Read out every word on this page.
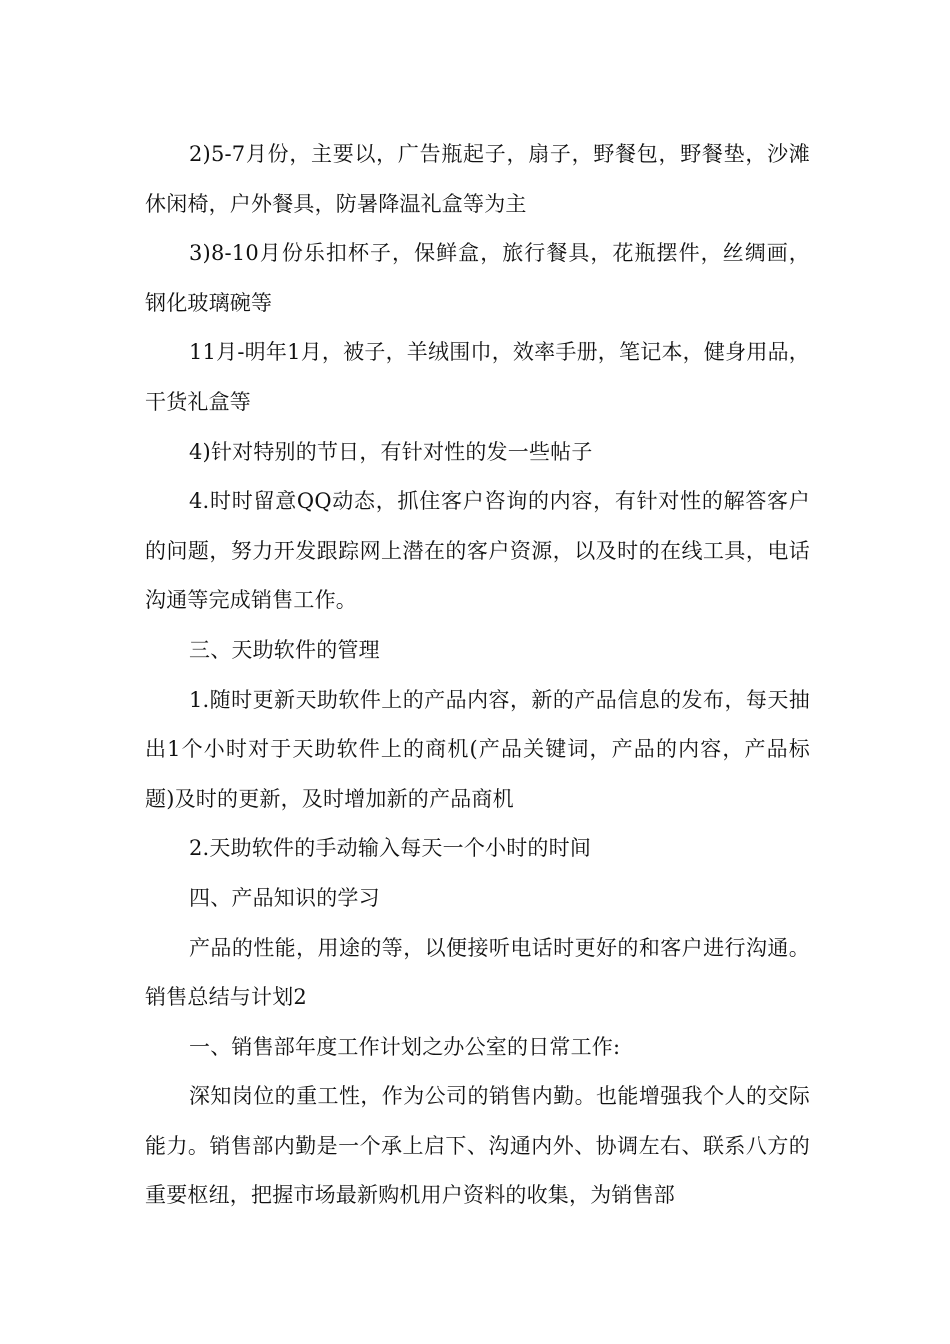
2)5-7月份，主要以，广告瓶起子，扇子，野餐包，野餐垫，沙滩休闲椅，户外餐具，防暑降温礼盒等为主

3)8-10月份乐扣杯子，保鲜盒，旅行餐具，花瓶摆件，丝绸画，钢化玻璃碗等

11月-明年1月，被子，羊绒围巾，效率手册，笔记本，健身用品，干货礼盒等

4)针对特别的节日，有针对性的发一些帖子

4.时时留意QQ动态，抓住客户咨询的内容，有针对性的解答客户的问题，努力开发跟踪网上潜在的客户资源，以及时的在线工具，电话沟通等完成销售工作。

三、天助软件的管理

1.随时更新天助软件上的产品内容，新的产品信息的发布，每天抽出1个小时对于天助软件上的商机(产品关键词，产品的内容，产品标题)及时的更新，及时增加新的产品商机

2.天助软件的手动输入每天一个小时的时间

四、产品知识的学习

产品的性能，用途的等，以便接听电话时更好的和客户进行沟通。销售总结与计划2

一、销售部年度工作计划之办公室的日常工作:

深知岗位的重工性，作为公司的销售内勤。也能增强我个人的交际能力。销售部内勤是一个承上启下、沟通内外、协调左右、联系八方的重要枢纽，把握市场最新购机用户资料的收集，为销售部
